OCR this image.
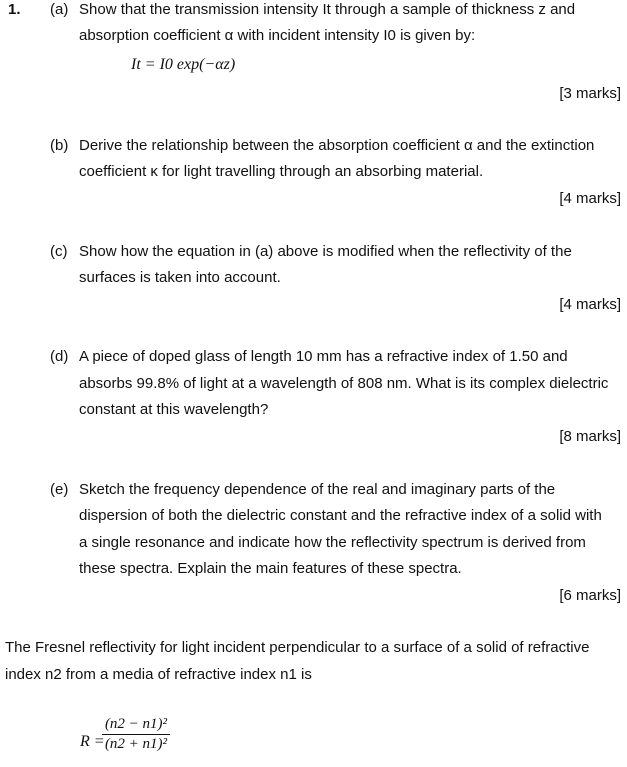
1. (a) Show that the transmission intensity It through a sample of thickness z and
absorption coefficient α with incident intensity I0 is given by:
It = I0 exp(−αz)
[3 marks]
(b) Derive the relationship between the absorption coefficient α and the extinction
coefficient κ for light travelling through an absorbing material.
[4 marks]
(c) Show how the equation in (a) above is modified when the reflectivity of the
surfaces is taken into account.
[4 marks]
(d) A piece of doped glass of length 10 mm has a refractive index of 1.50 and
absorbs 99.8% of light at a wavelength of 808 nm. What is its complex dielectric
constant at this wavelength?
[8 marks]
(e) Sketch the frequency dependence of the real and imaginary parts of the
dispersion of both the dielectric constant and the refractive index of a solid with
a single resonance and indicate how the reflectivity spectrum is derived from
these spectra. Explain the main features of these spectra.
[6 marks]
The Fresnel reflectivity for light incident perpendicular to a surface of a solid of refractive
index n2 from a media of refractive index n1 is
R =
(n2 − n1)²
(n2 + n1)²
